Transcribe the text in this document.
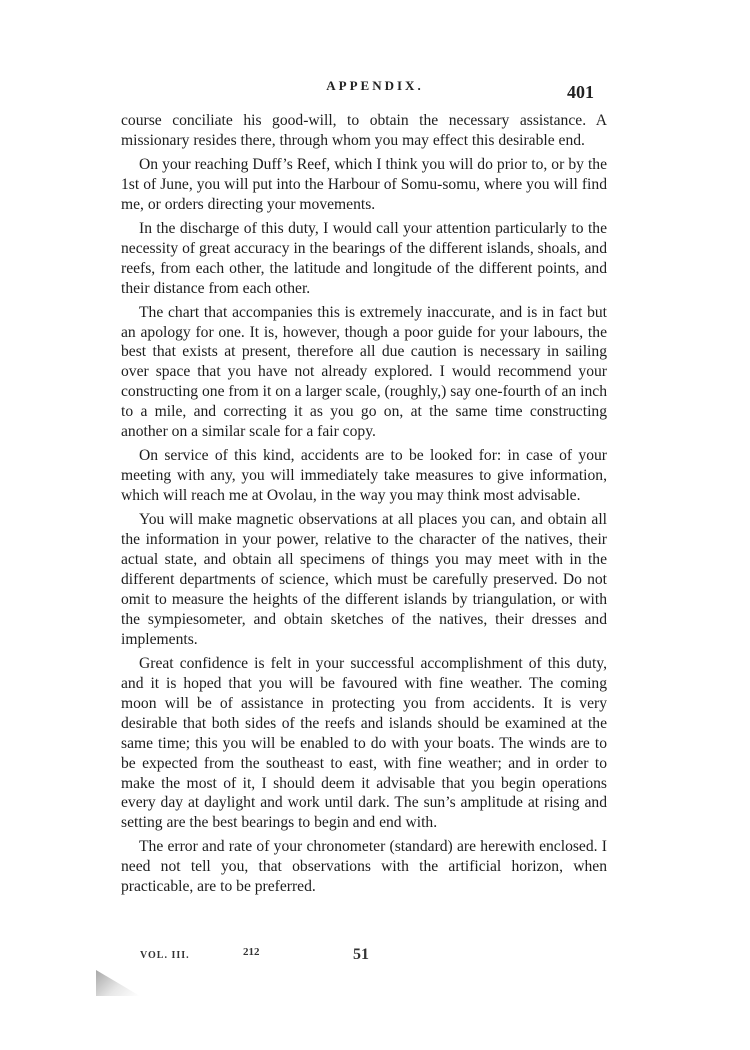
APPENDIX.	401

course conciliate his good-will, to obtain the necessary assistance. A missionary resides there, through whom you may effect this desirable end.

On your reaching Duff’s Reef, which I think you will do prior to, or by the 1st of June, you will put into the Harbour of Somu-somu, where you will find me, or orders directing your movements.

In the discharge of this duty, I would call your attention particularly to the necessity of great accuracy in the bearings of the different islands, shoals, and reefs, from each other, the latitude and longitude of the different points, and their distance from each other.

The chart that accompanies this is extremely inaccurate, and is in fact but an apology for one. It is, however, though a poor guide for your labours, the best that exists at present, therefore all due caution is necessary in sailing over space that you have not already explored. I would recommend your constructing one from it on a larger scale, (roughly,) say one-fourth of an inch to a mile, and correcting it as you go on, at the same time constructing another on a similar scale for a fair copy.

On service of this kind, accidents are to be looked for: in case of your meeting with any, you will immediately take measures to give information, which will reach me at Ovolau, in the way you may think most advisable.

You will make magnetic observations at all places you can, and obtain all the information in your power, relative to the character of the natives, their actual state, and obtain all specimens of things you may meet with in the different departments of science, which must be carefully preserved. Do not omit to measure the heights of the different islands by triangulation, or with the sympiesometer, and obtain sketches of the natives, their dresses and implements.

Great confidence is felt in your successful accomplishment of this duty, and it is hoped that you will be favoured with fine weather. The coming moon will be of assistance in protecting you from accidents. It is very desirable that both sides of the reefs and islands should be examined at the same time; this you will be enabled to do with your boats. The winds are to be expected from the southeast to east, with fine weather; and in order to make the most of it, I should deem it advisable that you begin operations every day at daylight and work until dark. The sun’s amplitude at rising and setting are the best bearings to begin and end with.

The error and rate of your chronometer (standard) are herewith enclosed. I need not tell you, that observations with the artificial horizon, when practicable, are to be preferred.

VOL. III.	212	51
